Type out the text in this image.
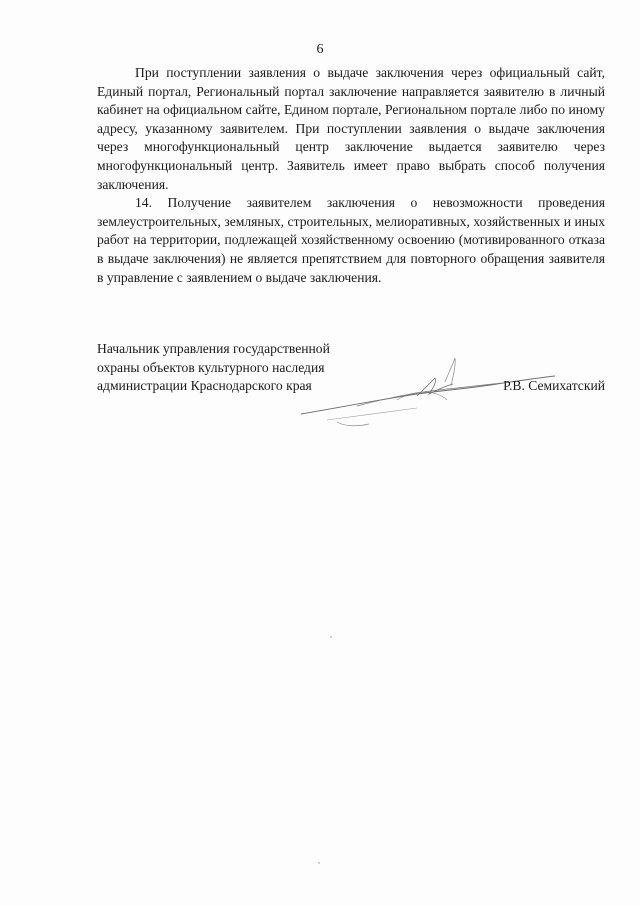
6

При поступлении заявления о выдаче заключения через официальный сайт, Единый портал, Региональный портал заключение направляется заявителю в личный кабинет на официальном сайте, Едином портале, Региональном портале либо по иному адресу, указанному заявителем. При поступлении заявления о выдаче заключения через многофункциональный центр заключение выдается заявителю через многофункциональный центр. Заявитель имеет право выбрать способ получения заключения.

14. Получение заявителем заключения о невозможности проведения землеустроительных, земляных, строительных, мелиоративных, хозяйственных и иных работ на территории, подлежащей хозяйственному освоению (мотивированного отказа в выдаче заключения) не является препятствием для повторного обращения заявителя в управление с заявлением о выдаче заключения.

Начальник управления государственной
охраны объектов культурного наследия
администрации Краснодарского края	Р.В. Семихатский
